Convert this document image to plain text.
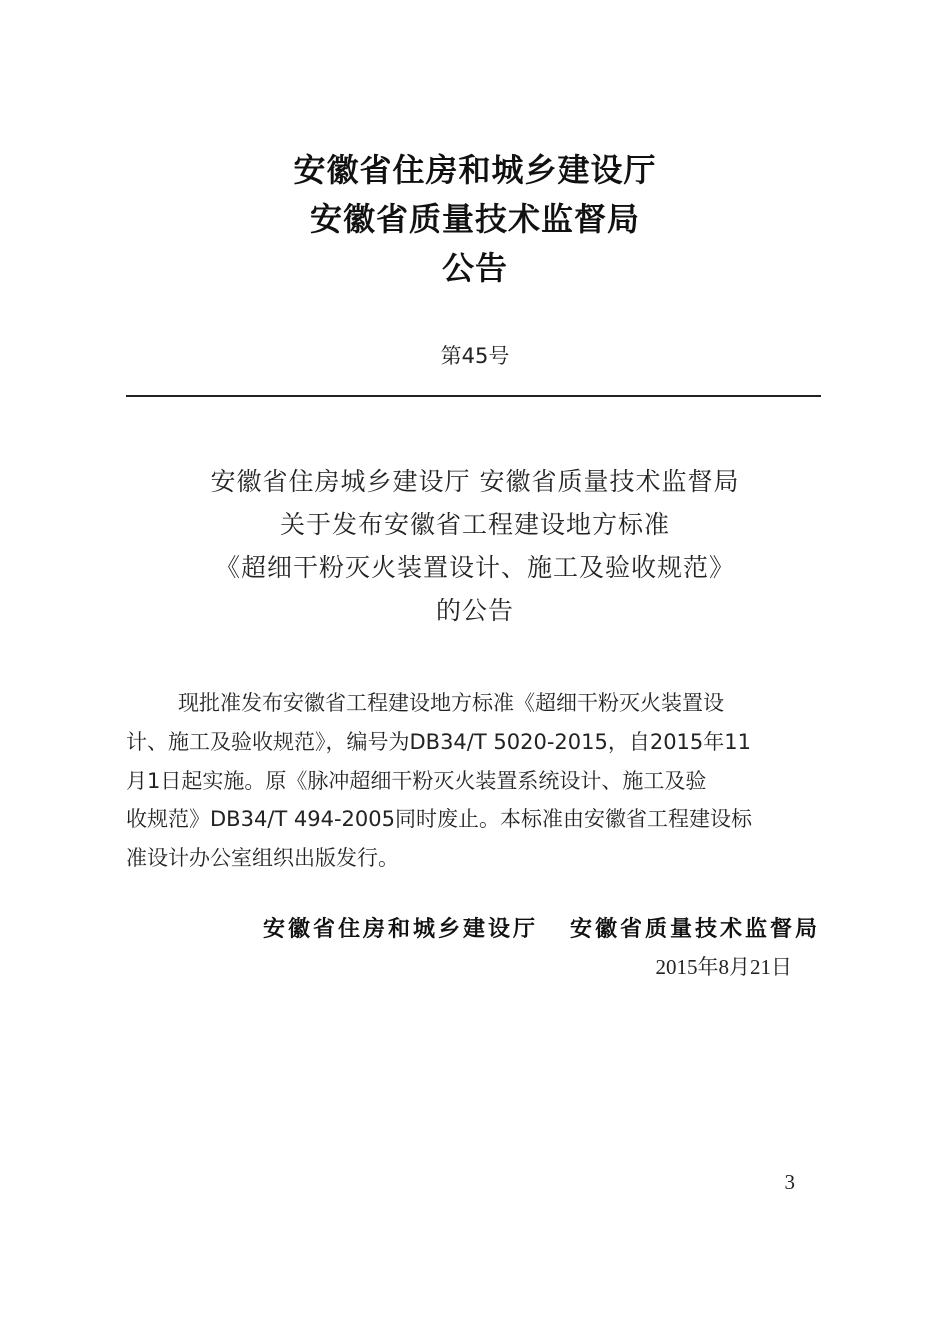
安徽省住房和城乡建设厅
安徽省质量技术监督局
公告
第45号
安徽省住房城乡建设厅 安徽省质量技术监督局
关于发布安徽省工程建设地方标准
《超细干粉灭火装置设计、施工及验收规范》
的公告
现批准发布安徽省工程建设地方标准《超细干粉灭火装置设
计、施工及验收规范》，编号为DB34/T 5020-2015，自2015年11
月1日起实施。原《脉冲超细干粉灭火装置系统设计、施工及验
收规范》DB34/T 494-2005同时废止。本标准由安徽省工程建设标
准设计办公室组织出版发行。
安徽省住房和城乡建设厅   安徽省质量技术监督局
2015年8月21日
3
